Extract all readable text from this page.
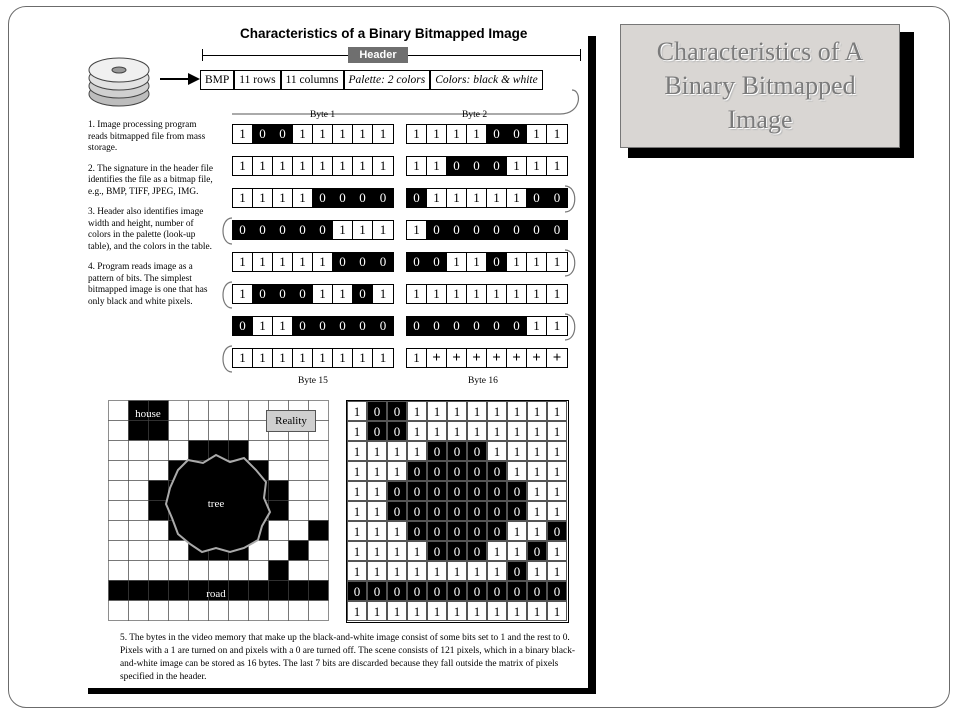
Characteristics of A Binary Bitmapped Image
Characteristics of a Binary Bitmapped Image
Header
BMP 11 rows 11 columns Palette: 2 colors Colors: black & white

1. Image processing program reads bitmapped file from mass storage.

2. The signature in the header file identifies the file as a bitmap file, e.g., BMP, TIFF, JPEG, IMG.

3. Header also identifies image width and height, number of colors in the palette (look-up table), and the colors in the table.

4. Program reads image as a pattern of bits. The simplest bitmapped image is one that has only black and white pixels.

Byte 1	Byte 2
Byte 15	Byte 16
1	0	0	1	1	1	1	1	1	1	1	1	0	0	1	1
1	1	1	1	1	1	1	1	1	1	0	0	0	1	1	1
1	1	1	1	0	0	0	0	0	1	1	1	1	1	0	0
0	0	0	0	0	1	1	1	1	0	0	0	0	0	0	0
1	1	1	1	1	0	0	0	0	0	1	1	0	1	1	1
1	0	0	0	1	1	0	1	1	1	1	1	1	1	1	1
0	1	1	0	0	0	0	0	0	0	0	0	0	0	1	1
1	1	1	1	1	1	1	1	1 + + + + + + +
house
tree
road
Reality
1	0	0	1	1	1	1	1	1	1	1
1	0	0	1	1	1	1	1	1	1	1
1	1	1	1	0	0	0	1	1	1	1
1	1	1	0	0	0	0	0	1	1	1
1	1	0	0	0	0	0	0	0	1	1
1	1	0	0	0	0	0	0	0	1	1
1	1	1	0	0	0	0	0	1	1	0
1	1	1	1	0	0	0	1	1	0	1
1	1	1	1	1	1	1	1	0	1	1
0	0	0	0	0	0	0	0	0	0	0
1	1	1	1	1	1	1	1	1	1	1
5. The bytes in the video memory that make up the black-and-white image consist of some bits set to 1 and the rest to 0. Pixels with a 1 are turned on and pixels with a 0 are turned off. The scene consists of 121 pixels, which in a binary black-and-white image can be stored as 16 bytes. The last 7 bits are discarded because they fall outside the matrix of pixels specified in the header.
